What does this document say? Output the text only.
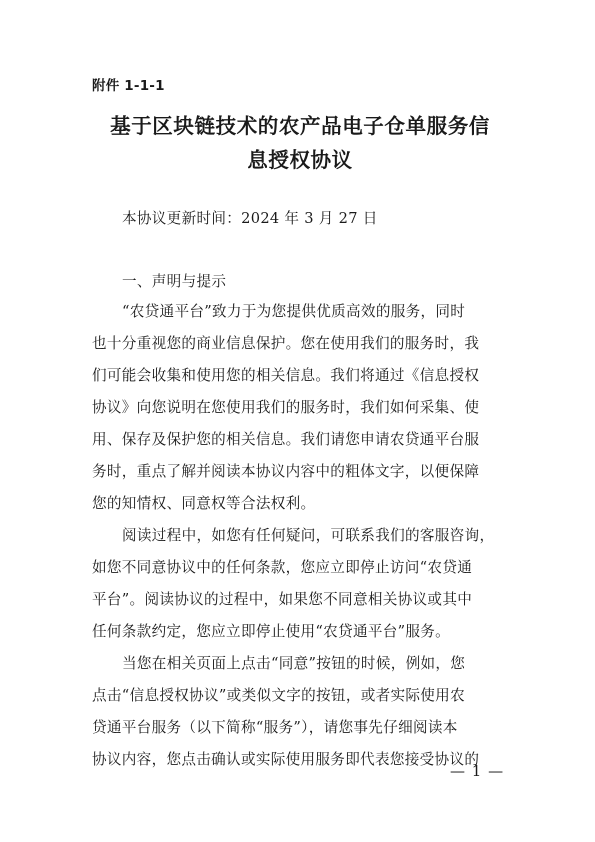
附件 1-1-1
基于区块链技术的农产品电子仓单服务信
息授权协议
本协议更新时间：2024 年 3 月 27 日
一、声明与提示
“农贷通平台”致力于为您提供优质高效的服务，同时
也十分重视您的商业信息保护。您在使用我们的服务时，我
们可能会收集和使用您的相关信息。我们将通过《信息授权
协议》向您说明在您使用我们的服务时，我们如何采集、使
用、保存及保护您的相关信息。我们请您申请农贷通平台服
务时，重点了解并阅读本协议内容中的粗体文字，以便保障
您的知情权、同意权等合法权利。
阅读过程中，如您有任何疑问，可联系我们的客服咨询，
如您不同意协议中的任何条款，您应立即停止访问“农贷通
平台”。阅读协议的过程中，如果您不同意相关协议或其中
任何条款约定，您应立即停止使用“农贷通平台”服务。
当您在相关页面上点击“同意”按钮的时候，例如，您
点击“信息授权协议”或类似文字的按钮，或者实际使用农
贷通平台服务（以下简称“服务”），请您事先仔细阅读本
协议内容，您点击确认或实际使用服务即代表您接受协议的
— 1 —
